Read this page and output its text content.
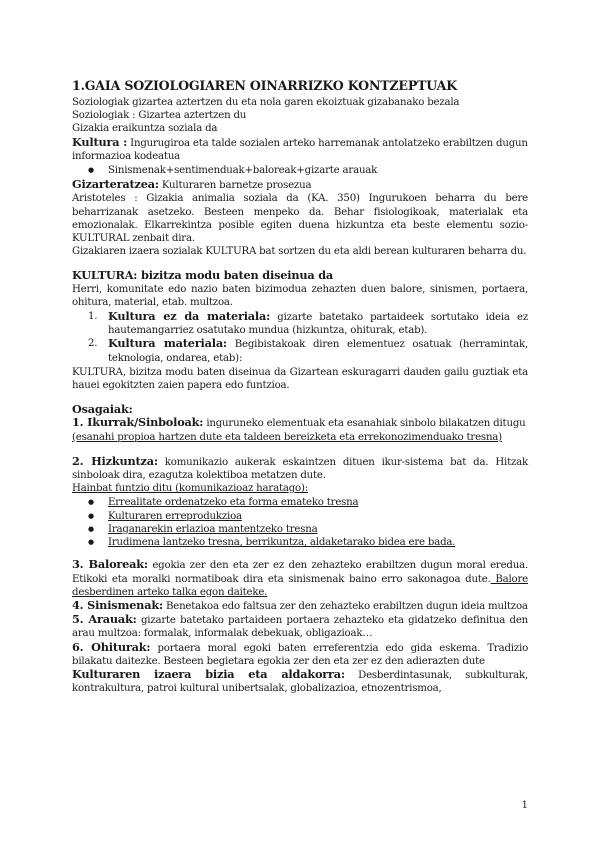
1.GAIA SOZIOLOGIAREN OINARRIZKO KONTZEPTUAK

Soziologiak gizartea aztertzen du eta nola garen ekoiztuak gizabanako bezala

Soziologiak : Gizartea aztertzen du

Gizakia eraikuntza soziala da

Kultura : Ingurugiroa eta talde sozialen arteko harremanak antolatzeko erabiltzen dugun informazioa kodeatua

● Sinismenak+sentimenduak+baloreak+gizarte arauak

Gizarteratzea: Kulturaren barnetze prosezua

Aristoteles : Gizakia animalia soziala da (KA. 350) Ingurukoen beharra du bere beharrizanak asetzeko. Besteen menpeko da. Behar fisiologikoak, materialak eta emozionalak. Elkarrekintza posible egiten duena hizkuntza eta beste elementu sozio-KULTURAL zenbait dira.

Gizakiaren izaera sozialak KULTURA bat sortzen du eta aldi berean kulturaren beharra du.

KULTURA: bizitza modu baten diseinua da

Herri, komunitate edo nazio baten bizimodua zehazten duen balore, sinismen, portaera, ohitura, material, etab. multzoa.

1. Kultura ez da materiala: gizarte batetako partaideek sortutako ideia ez hautemangarriez osatutako mundua (hizkuntza, ohiturak, etab).
2. Kultura materiala: Begibistakoak diren elementuez osatuak (herramintak, teknologia, ondarea, etab):

KULTURA, bizitza modu baten diseinua da Gizartean eskuragarri dauden gailu guztiak eta hauei egokitzten zaien papera edo funtzioa.

Osagaiak:

1. Ikurrak/Sinboloak: inguruneko elementuak eta esanahiak sinbolo bilakatzen ditugu

(esanahi propioa hartzen dute eta taldeen bereizketa eta errekonozimenduako tresna)

2. Hizkuntza: komunikazio aukerak eskaintzen dituen ikur-sistema bat da. Hitzak sinboloak dira, ezagutza kolektiboa metatzen dute.

Hainbat funtzio ditu (komunikazioaz haratago):

● Errealitate ordenatzeko eta forma emateko tresna
● Kulturaren erreprodukzioa
● Iraganarekin erlazioa mantentzeko tresna
● Irudimena lantzeko tresna, berrikuntza, aldaketarako bidea ere bada.

3. Baloreak: egokia zer den eta zer ez den zehazteko erabiltzen dugun moral eredua. Etikoki eta moralki normatiboak dira eta sinismenak baino erro sakonagoa dute. Balore desberdinen arteko talka egon daiteke.

4. Sinismenak: Benetakoa edo faltsua zer den zehazteko erabiltzen dugun ideia multzoa

5. Arauak: gizarte batetako partaideen portaera zehazteko eta gidatzeko definitua den arau multzoa: formalak, informalak debekuak, obligazioak…

6. Ohiturak: portaera moral egoki baten erreferentzia edo gida eskema. Tradizio bilakatu daitezke. Besteen begietara egokia zer den eta zer ez den adierazten dute

Kulturaren izaera bizia eta aldakorra: Desberdintasunak, subkulturak, kontrakultura, patroi kultural unibertsalak, globalizazioa, etnozentrismoa,

1
